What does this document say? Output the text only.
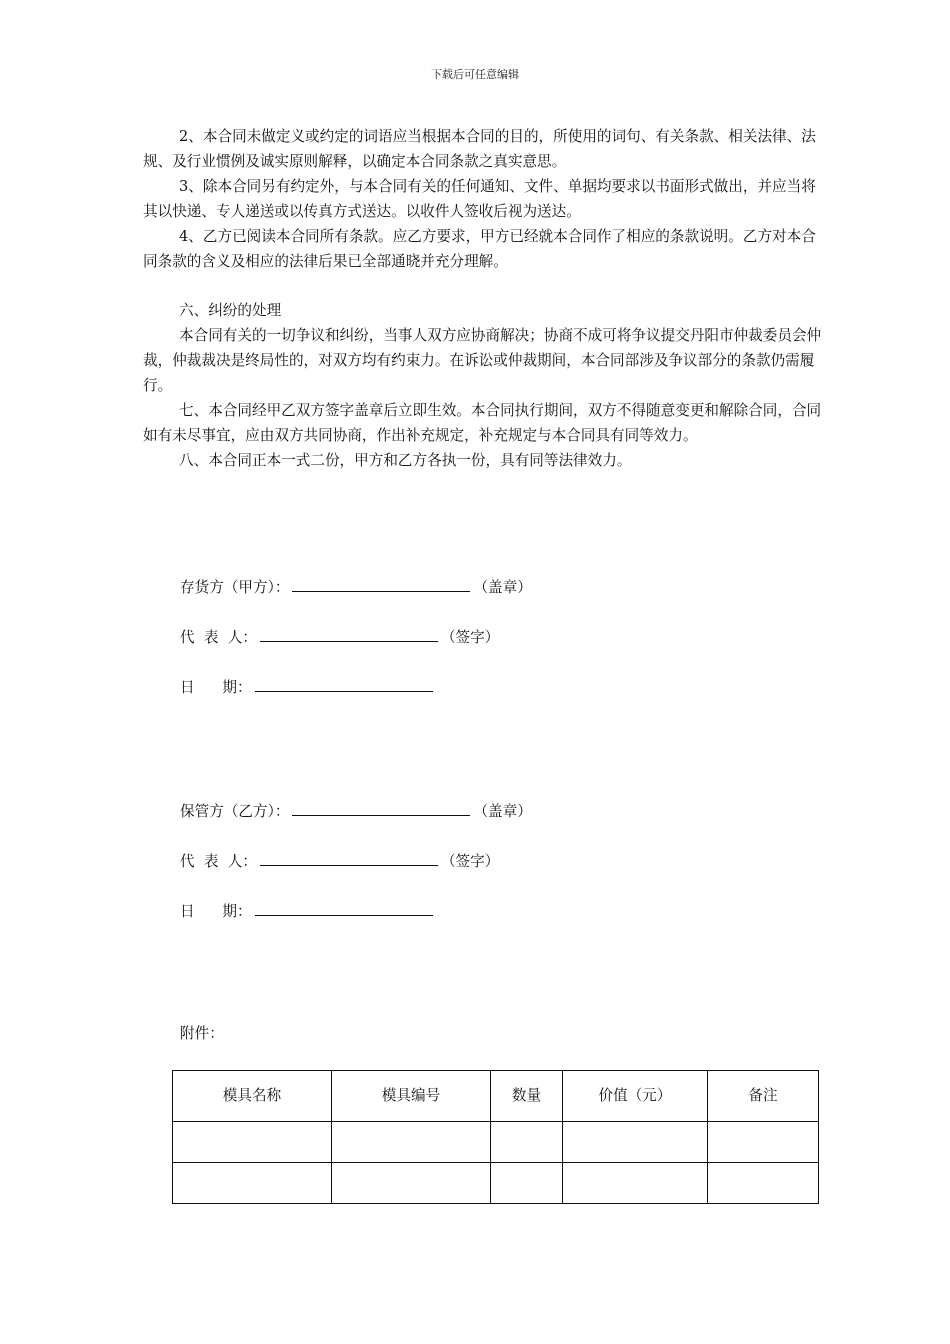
下载后可任意编辑

2、本合同未做定义或约定的词语应当根据本合同的目的，所使用的词句、有关条款、相关法律、法规、及行业惯例及诚实原则解释，以确定本合同条款之真实意思。

3、除本合同另有约定外，与本合同有关的任何通知、文件、单据均要求以书面形式做出，并应当将其以快递、专人递送或以传真方式送达。以收件人签收后视为送达。

4、乙方已阅读本合同所有条款。应乙方要求，甲方已经就本合同作了相应的条款说明。乙方对本合同条款的含义及相应的法律后果已全部通晓并充分理解。

六、纠纷的处理

本合同有关的一切争议和纠纷，当事人双方应协商解决；协商不成可将争议提交丹阳市仲裁委员会仲裁，仲裁裁决是终局性的，对双方均有约束力。在诉讼或仲裁期间，本合同部涉及争议部分的条款仍需履行。

七、本合同经甲乙双方签字盖章后立即生效。本合同执行期间，双方不得随意变更和解除合同，合同如有未尽事宜，应由双方共同协商，作出补充规定，补充规定与本合同具有同等效力。

八、本合同正本一式二份，甲方和乙方各执一份，具有同等法律效力。

存货方（甲方）：	（盖章）
代  表  人：	（签字）
日      期：
保管方（乙方）：	（盖章）
代  表  人：	（签字）
日      期：
附件：
模具名称	模具编号	数量	价值（元）	备注
